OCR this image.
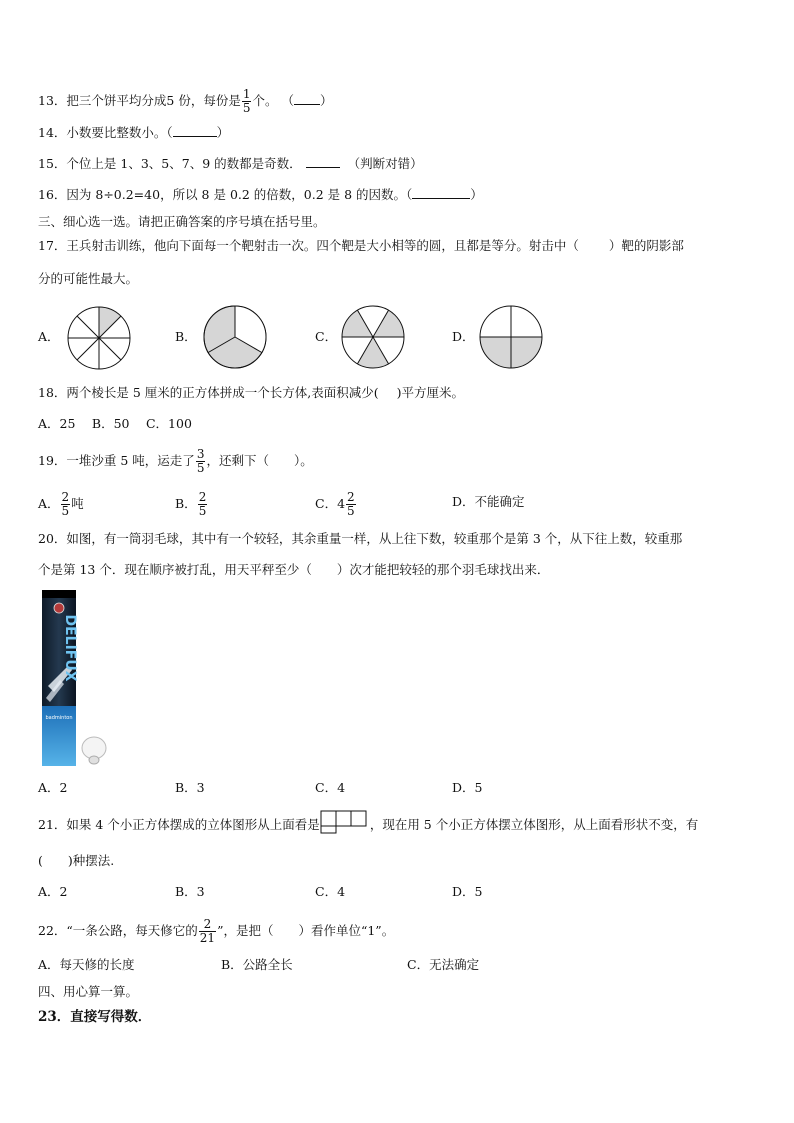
13．把三个饼平均分成5 份，每份是 $\frac{1}{5}$ 个。 （ ）
14．小数要比整数小。（	）
15．个位上是 1、3、5、7、9 的数都是奇数．	（判断对错）
16．因为 8÷0.2=40，所以 8 是 0.2 的倍数，0.2 是 8 的因数。（	）
三、细心选一选。请把正确答案的序号填在括号里。
17．王兵射击训练，他向下面每一个靶射击一次。四个靶是大小相等的圆，且都是等分。射击中（ ）靶的阴影部
分的可能性最大。
A．	B．	C．	D．
18．两个棱长是 5 厘米的正方体拼成一个长方体,表面积减少( )平方厘米。
A．25　 B．50　 C．100
19．一堆沙重 5 吨，运走了 $\frac{3}{5}$ ，还剩下（　　）。
A． $\frac{2}{5}$ 吨	B． $\frac{2}{5}$	C．$4 \frac{2}{5}$	D．不能确定
20．如图，有一筒羽毛球，其中有一个较轻，其余重量一样，从上往下数，较重那个是第 3 个，从下往上数，较重那
个是第 13 个．现在顺序被打乱，用天平秤至少（　　）次才能把较轻的那个羽毛球找出来．
DELIFUX
badminton
A．2	B．3	C．4	D．5
21．如果 4 个小正方体摆成的立体图形从上面看是	，现在用 5 个小正方体摆立体图形，从上面看形状不变，有
(　　)种摆法.
A．2	B．3	C．4	D．5
22．“一条公路，每天修它的 $\frac{2}{21}$ ”，是把（　　）看作单位“1”。
A．每天修的长度	B．公路全长	C．无法确定
四、用心算一算。
23．直接写得数．
